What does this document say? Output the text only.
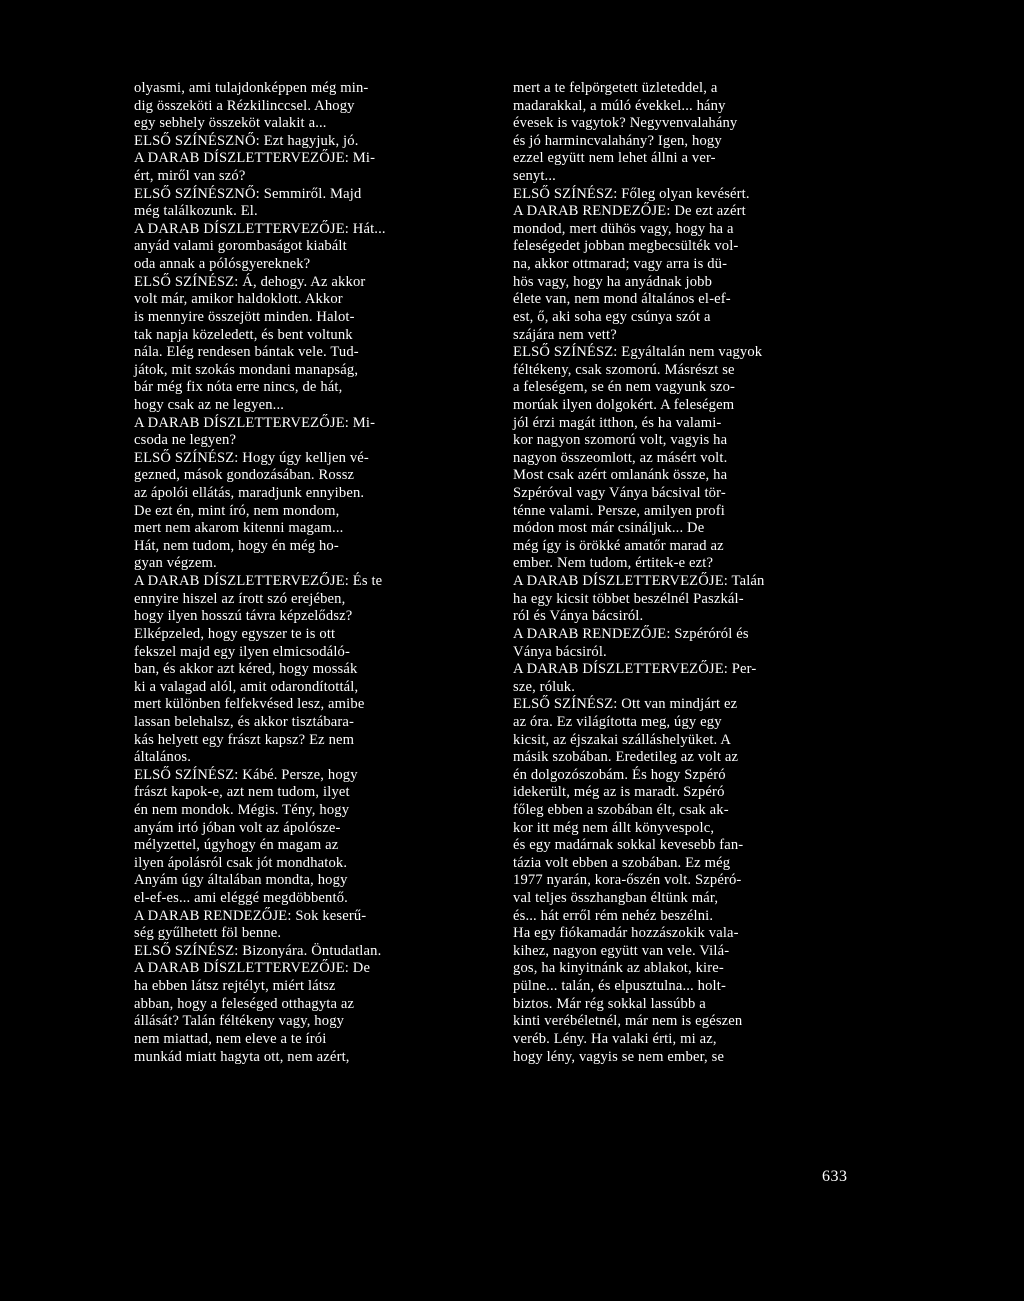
olyasmi, ami tulajdonképpen még min-
dig összeköti a Rézkilinccsel. Ahogy
egy sebhely összeköt valakit a...
ELSŐ SZÍNÉSZNŐ: Ezt hagyjuk, jó.
A DARAB DÍSZLETTERVEZŐJE: Mi-
ért, miről van szó?
ELSŐ SZÍNÉSZNŐ: Semmiről. Majd
még találkozunk. El.
A DARAB DÍSZLETTERVEZŐJE: Hát...
anyád valami gorombaságot kiabált
oda annak a pólósgyereknek?
ELSŐ SZÍNÉSZ: Á, dehogy. Az akkor
volt már, amikor haldoklott. Akkor
is mennyire összejött minden. Halot-
tak napja közeledett, és bent voltunk
nála. Elég rendesen bántak vele. Tud-
játok, mit szokás mondani manapság,
bár még fix nóta erre nincs, de hát,
hogy csak az ne legyen...
A DARAB DÍSZLETTERVEZŐJE: Mi-
csoda ne legyen?
ELSŐ SZÍNÉSZ: Hogy úgy kelljen vé-
gezned, mások gondozásában. Rossz
az ápolói ellátás, maradjunk ennyiben.
De ezt én, mint író, nem mondom,
mert nem akarom kitenni magam...
Hát, nem tudom, hogy én még ho-
gyan végzem.
A DARAB DÍSZLETTERVEZŐJE: És te
ennyire hiszel az írott szó erejében,
hogy ilyen hosszú távra képzelődsz?
Elképzeled, hogy egyszer te is ott
fekszel majd egy ilyen elmicsodáló-
ban, és akkor azt kéred, hogy mossák
ki a valagad alól, amit odarondítottál,
mert különben felfekvésed lesz, amibe
lassan belehalsz, és akkor tisztábara-
kás helyett egy frászt kapsz? Ez nem
általános.
ELSŐ SZÍNÉSZ: Kábé. Persze, hogy
frászt kapok-e, azt nem tudom, ilyet
én nem mondok. Mégis. Tény, hogy
anyám irtó jóban volt az ápolósze-
mélyzettel, úgyhogy én magam az
ilyen ápolásról csak jót mondhatok.
Anyám úgy általában mondta, hogy
el-ef-es... ami eléggé megdöbbentő.
A DARAB RENDEZŐJE: Sok keserű-
ség gyűlhetett föl benne.
ELSŐ SZÍNÉSZ: Bizonyára. Öntudatlan.
A DARAB DÍSZLETTERVEZŐJE: De
ha ebben látsz rejtélyt, miért látsz
abban, hogy a feleséged otthagyta az
állását? Talán féltékeny vagy, hogy
nem miattad, nem eleve a te írói
munkád miatt hagyta ott, nem azért,
mert a te felpörgetett üzleteddel, a
madarakkal, a múló évekkel... hány
évesek is vagytok? Negyvenvalahány
és jó harmincvalahány? Igen, hogy
ezzel együtt nem lehet állni a ver-
senyt...
ELSŐ SZÍNÉSZ: Főleg olyan kevésért.
A DARAB RENDEZŐJE: De ezt azért
mondod, mert dühös vagy, hogy ha a
feleségedet jobban megbecsülték vol-
na, akkor ottmarad; vagy arra is dü-
hös vagy, hogy ha anyádnak jobb
élete van, nem mond általános el-ef-
est, ő, aki soha egy csúnya szót a
szájára nem vett?
ELSŐ SZÍNÉSZ: Egyáltalán nem vagyok
féltékeny, csak szomorú. Másrészt se
a feleségem, se én nem vagyunk szo-
morúak ilyen dolgokért. A feleségem
jól érzi magát itthon, és ha valami-
kor nagyon szomorú volt, vagyis ha
nagyon összeomlott, az másért volt.
Most csak azért omlanánk össze, ha
Szpéróval vagy Ványa bácsival tör-
ténne valami. Persze, amilyen profi
módon most már csináljuk... De
még így is örökké amatőr marad az
ember. Nem tudom, értitek-e ezt?
A DARAB DÍSZLETTERVEZŐJE: Talán
ha egy kicsit többet beszélnél Paszkál-
ról és Ványa bácsiról.
A DARAB RENDEZŐJE: Szpéróról és
Ványa bácsiról.
A DARAB DÍSZLETTERVEZŐJE: Per-
sze, róluk.
ELSŐ SZÍNÉSZ: Ott van mindjárt ez
az óra. Ez világította meg, úgy egy
kicsit, az éjszakai szálláshelyüket. A
másik szobában. Eredetileg az volt az
én dolgozószobám. És hogy Szpéró
idekerült, még az is maradt. Szpéró
főleg ebben a szobában élt, csak ak-
kor itt még nem állt könyvespolc,
és egy madárnak sokkal kevesebb fan-
tázia volt ebben a szobában. Ez még
1977 nyarán, kora-őszén volt. Szpéró-
val teljes összhangban éltünk már,
és... hát erről rém nehéz beszélni.
Ha egy fiókamadár hozzászokik vala-
kihez, nagyon együtt van vele. Vilá-
gos, ha kinyitnánk az ablakot, kire-
pülne... talán, és elpusztulna... holt-
biztos. Már rég sokkal lassúbb a
kinti verébéletnél, már nem is egészen
veréb. Lény. Ha valaki érti, mi az,
hogy lény, vagyis se nem ember, se
633
